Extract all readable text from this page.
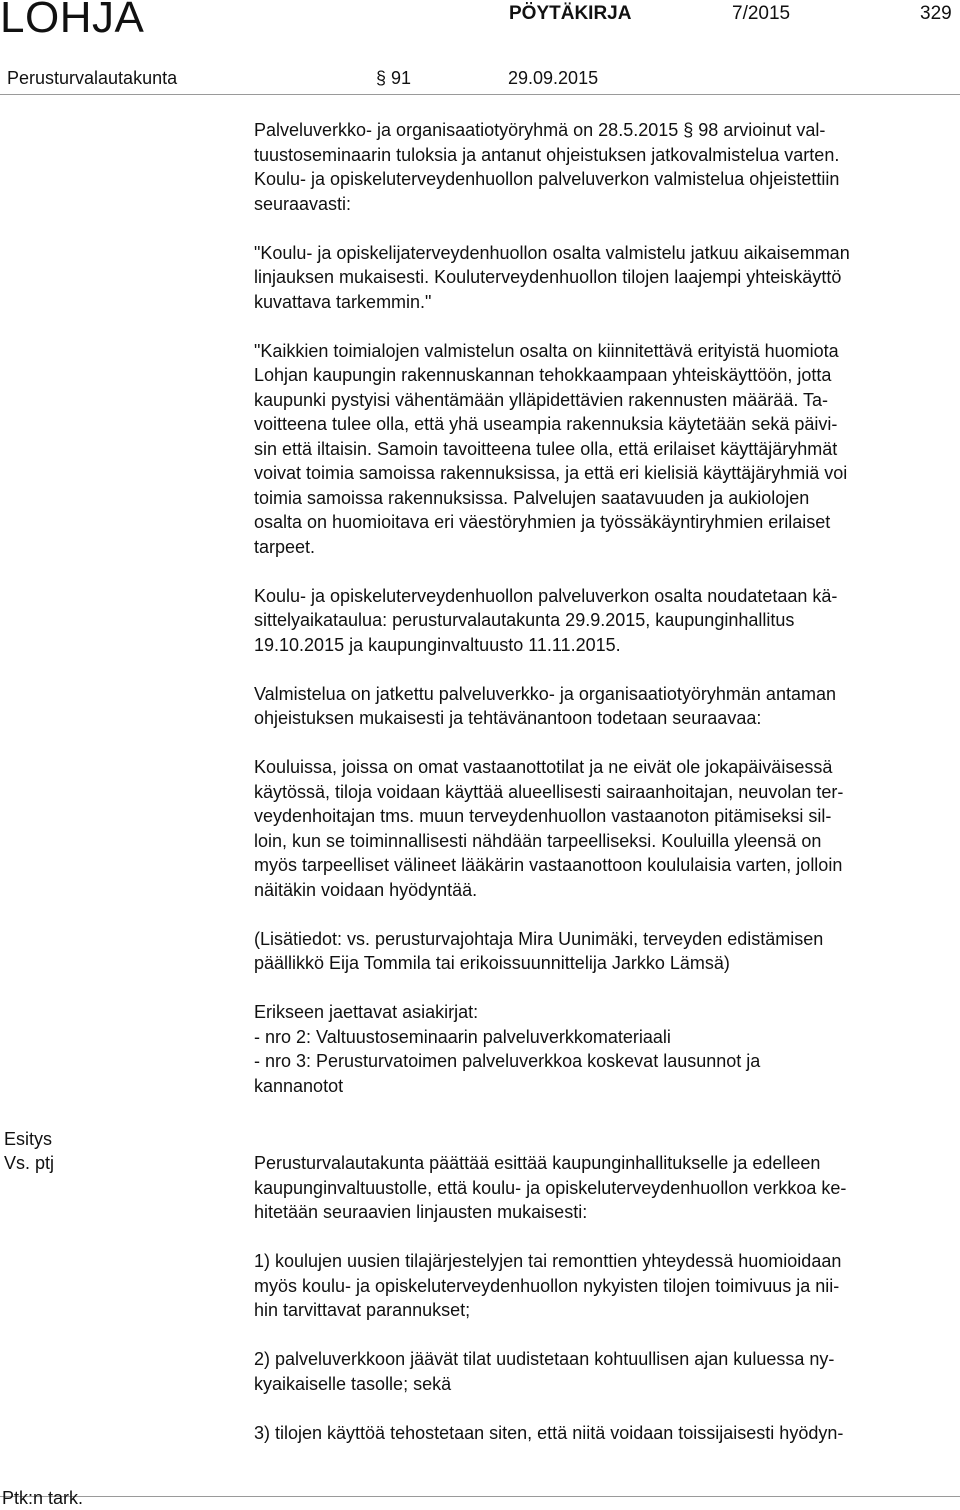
LOHJA	PÖYTÄKIRJA	7/2015	329
Perusturvalautakunta	§ 91	29.09.2015
Palveluverkko- ja organisaatiotyöryhmä on 28.5.2015 § 98 arvioinut val-
tuustoseminaarin tuloksia ja antanut ohjeistuksen jatkovalmistelua varten.
Koulu- ja opiskeluterveydenhuollon palveluverkon valmistelua ohjeistettiin
seuraavasti:
"Koulu- ja opiskelijaterveydenhuollon osalta valmistelu jatkuu aikaisemman
linjauksen mukaisesti. Kouluterveydenhuollon tilojen laajempi yhteiskäyttö
kuvattava tarkemmin."
"Kaikkien toimialojen valmistelun osalta on kiinnitettävä erityistä huomiota
Lohjan kaupungin rakennuskannan tehokkaampaan yhteiskäyttöön, jotta
kaupunki pystyisi vähentämään ylläpidettävien rakennusten määrää. Ta-
voitteena tulee olla, että yhä useampia rakennuksia käytetään sekä päivi-
sin että iltaisin. Samoin tavoitteena tulee olla, että erilaiset käyttäjäryhmät
voivat toimia samoissa rakennuksissa, ja että eri kielisiä käyttäjäryhmiä voi
toimia samoissa rakennuksissa. Palvelujen saatavuuden ja aukiolojen
osalta on huomioitava eri väestöryhmien ja työssäkäyntiryhmien erilaiset
tarpeet.
Koulu- ja opiskeluterveydenhuollon palveluverkon osalta noudatetaan kä-
sittelyaikataulua: perusturvalautakunta 29.9.2015, kaupunginhallitus
19.10.2015 ja kaupunginvaltuusto 11.11.2015.
Valmistelua on jatkettu palveluverkko- ja organisaatiotyöryhmän antaman
ohjeistuksen mukaisesti ja tehtävänantoon todetaan seuraavaa:
Kouluissa, joissa on omat vastaanottotilat ja ne eivät ole jokapäiväisessä
käytössä, tiloja voidaan käyttää alueellisesti sairaanhoitajan, neuvolan ter-
veydenhoitajan tms. muun terveydenhuollon vastaanoton pitämiseksi sil-
loin, kun se toiminnallisesti nähdään tarpeelliseksi. Kouluilla yleensä on
myös tarpeelliset välineet lääkärin vastaanottoon koululaisia varten, jolloin
näitäkin voidaan hyödyntää.
(Lisätiedot: vs. perusturvajohtaja Mira Uunimäki, terveyden edistämisen
päällikkö Eija Tommila tai erikoissuunnittelija Jarkko Lämsä)
Erikseen jaettavat asiakirjat:
- nro 2: Valtuustoseminaarin palveluverkkomateriaali
- nro 3: Perusturvatoimen palveluverkkoa koskevat lausunnot ja
kannanotot
Esitys
Vs. ptj	Perusturvalautakunta päättää esittää kaupunginhallitukselle ja edelleen
kaupunginvaltuustolle, että koulu- ja opiskeluterveydenhuollon verkkoa ke-
hitetään seuraavien linjausten mukaisesti:
1) koulujen uusien tilajärjestelyjen tai remonttien yhteydessä huomioidaan
myös koulu- ja opiskeluterveydenhuollon nykyisten tilojen toimivuus ja nii-
hin tarvittavat parannukset;
2) palveluverkkoon jäävät tilat uudistetaan kohtuullisen ajan kuluessa ny-
kyaikaiselle tasolle; sekä
3) tilojen käyttöä tehostetaan siten, että niitä voidaan toissijaisesti hyödyn-
Ptk:n tark.
